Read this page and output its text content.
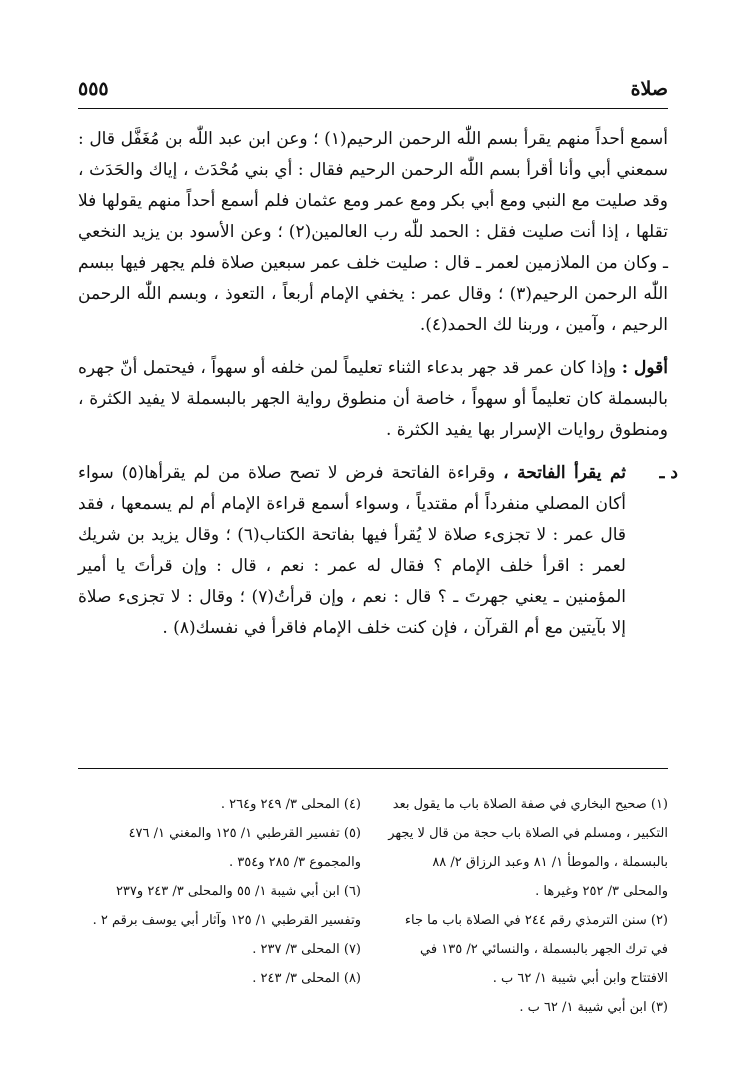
صلاة
٥٥٥

أسمع أحداً منهم يقرأ بسم اللّٰه الرحمن الرحيم(١) ؛ وعن ابن عبد اللّٰه بن مُغَفَّل قال : سمعني أبي وأنا أقرأ بسم اللّٰه الرحمن الرحيم فقال : أي بني مُحْدَث ، إياك والحَدَث ، وقد صليت مع النبي ومع أبي بكر ومع عمر ومع عثمان فلم أسمع أحداً منهم يقولها فلا تقلها ، إذا أنت صليت فقل : الحمد للّٰه رب العالمين(٢) ؛ وعن الأسود بن يزيد النخعي ـ وكان من الملازمين لعمر ـ قال : صليت خلف عمر سبعين صلاة فلم يجهر فيها ببسم اللّٰه الرحمن الرحيم(٣) ؛ وقال عمر : يخفي الإمام أربعاً ، التعوذ ، وبسم اللّٰه الرحمن الرحيم ، وآمين ، وربنا لك الحمد(٤).

أقول : وإذا كان عمر قد جهر بدعاء الثناء تعليماً لمن خلفه أو سهواً ، فيحتمل أنّ جهره بالبسملة كان تعليماً أو سهواً ، خاصة أن منطوق رواية الجهر بالبسملة لا يفيد الكثرة ، ومنطوق روايات الإسرار بها يفيد الكثرة .

د ـ
ثم يقرأ الفاتحة ، وقراءة الفاتحة فرض لا تصح صلاة من لم يقرأها(٥) سواء أكان المصلي منفرداً أم مقتدياً ، وسواء أسمع قراءة الإمام أم لم يسمعها ، فقد قال عمر : لا تجزىء صلاة لا يُقرأ فيها بفاتحة الكتاب(٦) ؛ وقال يزيد بن شريك لعمر : اقرأ خلف الإمام ؟ فقال له عمر : نعم ، قال : وإن قرأتَ يا أمير المؤمنين ـ يعني جهرتَ ـ ؟ قال : نعم ، وإن قرأتُ(٧) ؛ وقال : لا تجزىء صلاة إلا بآيتين مع أم القرآن ، فإن كنت خلف الإمام فاقرأ في نفسك(٨) .

(١) صحيح البخاري في صفة الصلاة باب ما يقول بعد التكبير ، ومسلم في الصلاة باب حجة من قال لا يجهر بالبسملة ، والموطأ ١/ ٨١ وعبد الرزاق ٢/ ٨٨ والمحلى ٣/ ٢٥٢ وغيرها .

(٢) سنن الترمذي رقم ٢٤٤ في الصلاة باب ما جاء في ترك الجهر بالبسملة ، والنسائي ٢/ ١٣٥ في الافتتاح وابن أبي شيبة ١/ ٦٢ ب .

(٣) ابن أبي شيبة ١/ ٦٢ ب .

(٤) المحلى ٣/ ٢٤٩ و٢٦٤ .

(٥) تفسير القرطبي ١/ ١٢٥ والمغني ١/ ٤٧٦ والمجموع ٣/ ٢٨٥ و٣٥٤ .

(٦) ابن أبي شيبة ١/ ٥٥ والمحلى ٣/ ٢٤٣ و٢٣٧ وتفسير القرطبي ١/ ١٢٥ وآثار أبي يوسف برقم ٢ .

(٧) المحلى ٣/ ٢٣٧ .

(٨) المحلى ٣/ ٢٤٣ .
